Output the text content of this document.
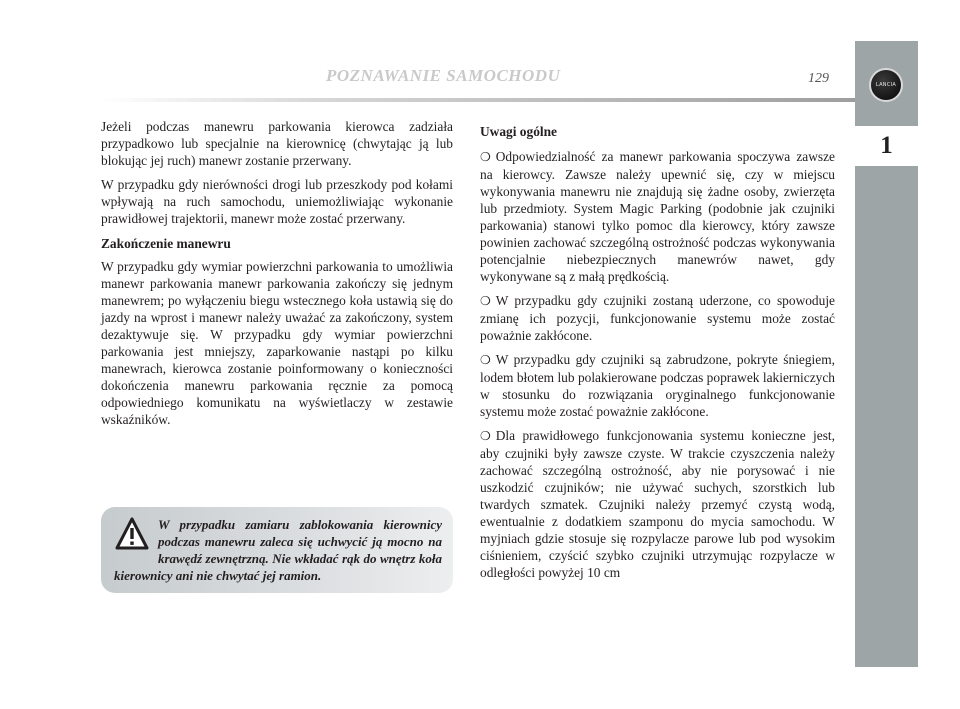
POZNAWANIE SAMOCHODU	129	LANCIA
1

Jeżeli podczas manewru parkowania kierowca zadziała przypadkowo lub specjalnie na kierownicę (chwytając ją lub blokując jej ruch) manewr zostanie przerwany.

W przypadku gdy nierówności drogi lub przeszkody pod kołami wpływają na ruch samochodu, uniemożliwiając wykonanie prawidłowej trajektorii, manewr może zostać przerwany.

Zakończenie manewru

W przypadku gdy wymiar powierzchni parkowania to umożliwia manewr parkowania manewr parkowania zakończy się jednym manewrem; po wyłączeniu biegu wstecznego koła ustawią się do jazdy na wprost i manewr należy uważać za zakończony, system dezaktywuje się. W przypadku gdy wymiar powierzchni parkowania jest mniejszy, zaparkowanie nastąpi po kilku manewrach, kierowca zostanie poinformowany o konieczności dokończenia manewru parkowania ręcznie za pomocą odpowiedniego komunikatu na wyświetlaczy w zestawie wskaźników.

W przypadku zamiaru zablokowania kierownicy podczas manewru zaleca się uchwycić ją mocno na krawędź zewnętrzną. Nie wkładać rąk do wnętrz koła kierownicy ani nie chwytać jej ramion.
Uwagi ogólne

❍ Odpowiedzialność za manewr parkowania spoczywa zawsze na kierowcy. Zawsze należy upewnić się, czy w miejscu wykonywania manewru nie znajdują się żadne osoby, zwierzęta lub przedmioty. System Magic Parking (podobnie jak czujniki parkowania) stanowi tylko pomoc dla kierowcy, który zawsze powinien zachować szczególną ostrożność podczas wykonywania potencjalnie niebezpiecznych manewrów nawet, gdy wykonywane są z małą prędkością.

❍ W przypadku gdy czujniki zostaną uderzone, co spowoduje zmianę ich pozycji, funkcjonowanie systemu może zostać poważnie zakłócone.

❍ W przypadku gdy czujniki są zabrudzone, pokryte śniegiem, lodem błotem lub polakierowane podczas poprawek lakierniczych w stosunku do rozwiązania oryginalnego funkcjonowanie systemu może zostać poważnie zakłócone.

❍ Dla prawidłowego funkcjonowania systemu konieczne jest, aby czujniki były zawsze czyste. W trakcie czyszczenia należy zachować szczególną ostrożność, aby nie porysować i nie uszkodzić czujników; nie używać suchych, szorstkich lub twardych szmatek. Czujniki należy przemyć czystą wodą, ewentualnie z dodatkiem szamponu do mycia samochodu. W myjniach gdzie stosuje się rozpylacze parowe lub pod wysokim ciśnieniem, czyścić szybko czujniki utrzymując rozpylacze w odległości powyżej 10 cm
